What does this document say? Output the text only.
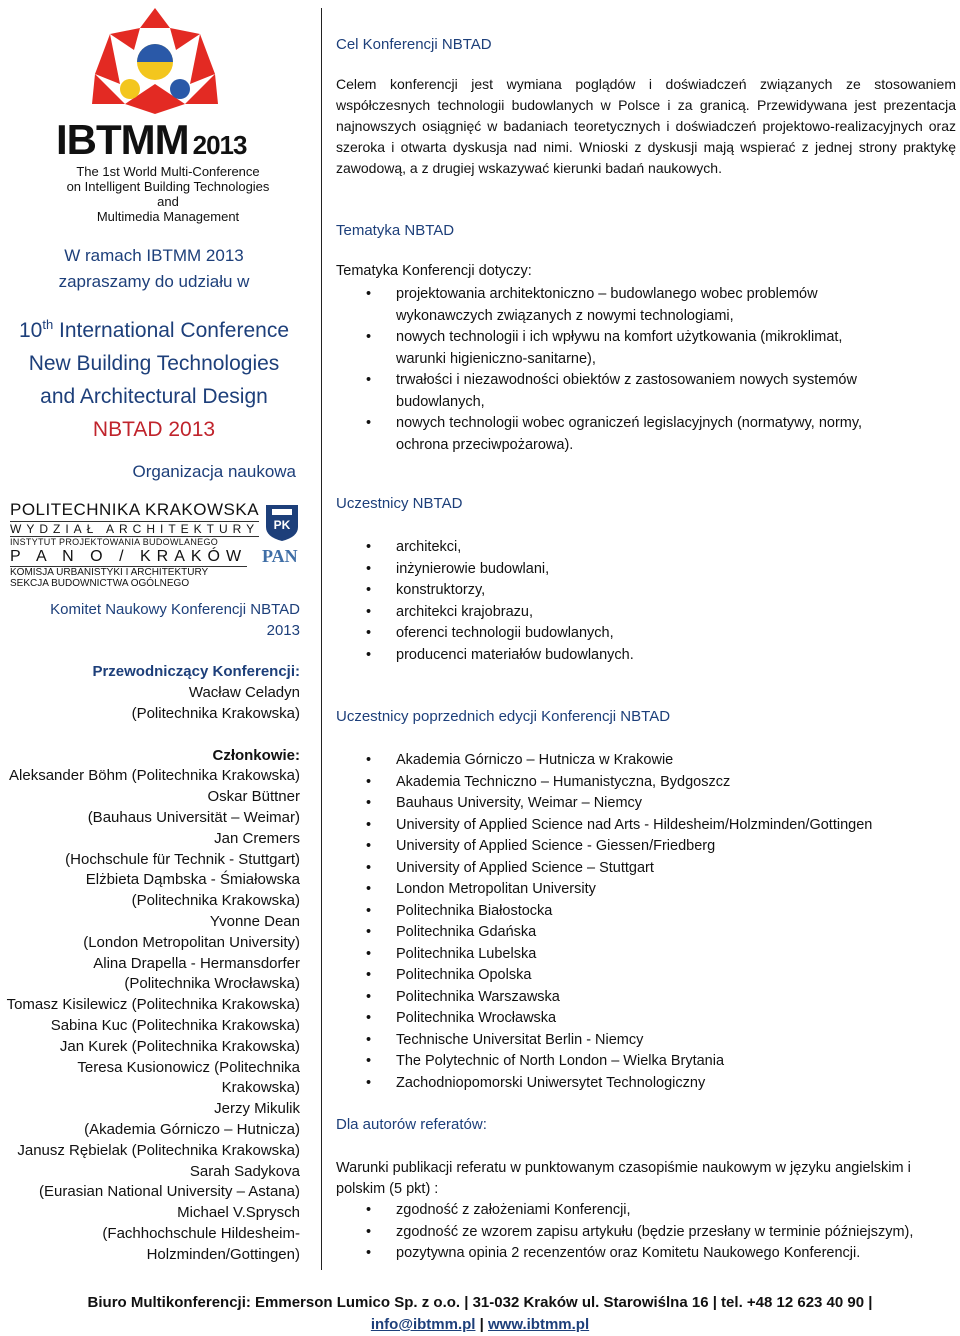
IBTMM 2013
The 1st World Multi-Conference
on Intelligent Building Technologies
and
Multimedia Management
W ramach IBTMM 2013
zapraszamy do udziału w
10th International Conference
New Building Technologies
and Architectural Design
NBTAD 2013
Organizacja naukowa
POLITECHNIKA KRAKOWSKA
WYDZIAŁ ARCHITEKTURY
INSTYTUT PROJEKTOWANIA BUDOWLANEGO
PK
P A N O / KRAKÓW
KOMISJA URBANISTYKI I ARCHITEKTURY
SEKCJA BUDOWNICTWA OGÓLNEGO
PAN
Komitet Naukowy Konferencji NBTAD
2013
Przewodniczący Konferencji:
Wacław Celadyn
(Politechnika Krakowska)
Członkowie:
Aleksander Böhm (Politechnika Krakowska)
Oskar Büttner
(Bauhaus Universität – Weimar)
Jan Cremers
(Hochschule für Technik - Stuttgart)
Elżbieta Dąmbska - Śmiałowska
(Politechnika Krakowska)
Yvonne Dean
(London Metropolitan University)
Alina Drapella - Hermansdorfer
(Politechnika Wrocławska)
Tomasz Kisilewicz (Politechnika Krakowska)
Sabina Kuc (Politechnika Krakowska)
Jan Kurek (Politechnika Krakowska)
Teresa Kusionowicz (Politechnika
Krakowska)
Jerzy Mikulik
(Akademia Górniczo – Hutnicza)
Janusz Rębielak (Politechnika Krakowska)
Sarah Sadykova
(Eurasian National University – Astana)
Michael V.Sprysch
(Fachhochschule Hildesheim-
Holzminden/Gottingen)
Cel Konferencji NBTAD
Celem konferencji jest wymiana poglądów i doświadczeń związanych ze stosowaniem współczesnych technologii budowlanych w Polsce i za granicą. Przewidywana jest prezentacja najnowszych osiągnięć w badaniach teoretycznych i doświadczeń projektowo-realizacyjnych oraz szeroka i otwarta dyskusja nad nimi. Wnioski z dyskusji mają wspierać z jednej strony praktykę zawodową, a z drugiej wskazywać kierunki badań naukowych.
Tematyka NBTAD
Tematyka Konferencji dotyczy:
• projektowania architektoniczno – budowlanego wobec problemów wykonawczych związanych z nowymi technologiami,
• nowych technologii i ich wpływu na komfort użytkowania (mikroklimat, warunki higieniczno-sanitarne),
• trwałości i niezawodności obiektów z zastosowaniem nowych systemów budowlanych,
• nowych technologii wobec ograniczeń legislacyjnych (normatywy, normy, ochrona przeciwpożarowa).
Uczestnicy NBTAD
• architekci,
• inżynierowie budowlani,
• konstruktorzy,
• architekci krajobrazu,
• oferenci technologii budowlanych,
• producenci materiałów budowlanych.
Uczestnicy poprzednich edycji Konferencji NBTAD
• Akademia Górniczo – Hutnicza w Krakowie
• Akademia Techniczno – Humanistyczna, Bydgoszcz
• Bauhaus University, Weimar – Niemcy
• University of Applied Science nad Arts - Hildesheim/Holzminden/Gottingen
• University of Applied Science - Giessen/Friedberg
• University of Applied Science – Stuttgart
• London Metropolitan University
• Politechnika Białostocka
• Politechnika Gdańska
• Politechnika Lubelska
• Politechnika Opolska
• Politechnika Warszawska
• Politechnika Wrocławska
• Technische Universitat Berlin - Niemcy
• The Polytechnic of North London – Wielka Brytania
• Zachodniopomorski Uniwersytet Technologiczny
Dla autorów referatów:
Warunki publikacji referatu w punktowanym czasopiśmie naukowym w języku angielskim i polskim (5 pkt) :
• zgodność z założeniami Konferencji,
• zgodność ze wzorem zapisu artykułu (będzie przesłany w terminie późniejszym),
• pozytywna opinia 2 recenzentów oraz Komitetu Naukowego Konferencji.
Biuro Multikonferencji: Emmerson Lumico Sp. z o.o. | 31-032 Kraków ul. Starowiślna 16 | tel. +48 12 623 40 90 |
info@ibtmm.pl | www.ibtmm.pl
